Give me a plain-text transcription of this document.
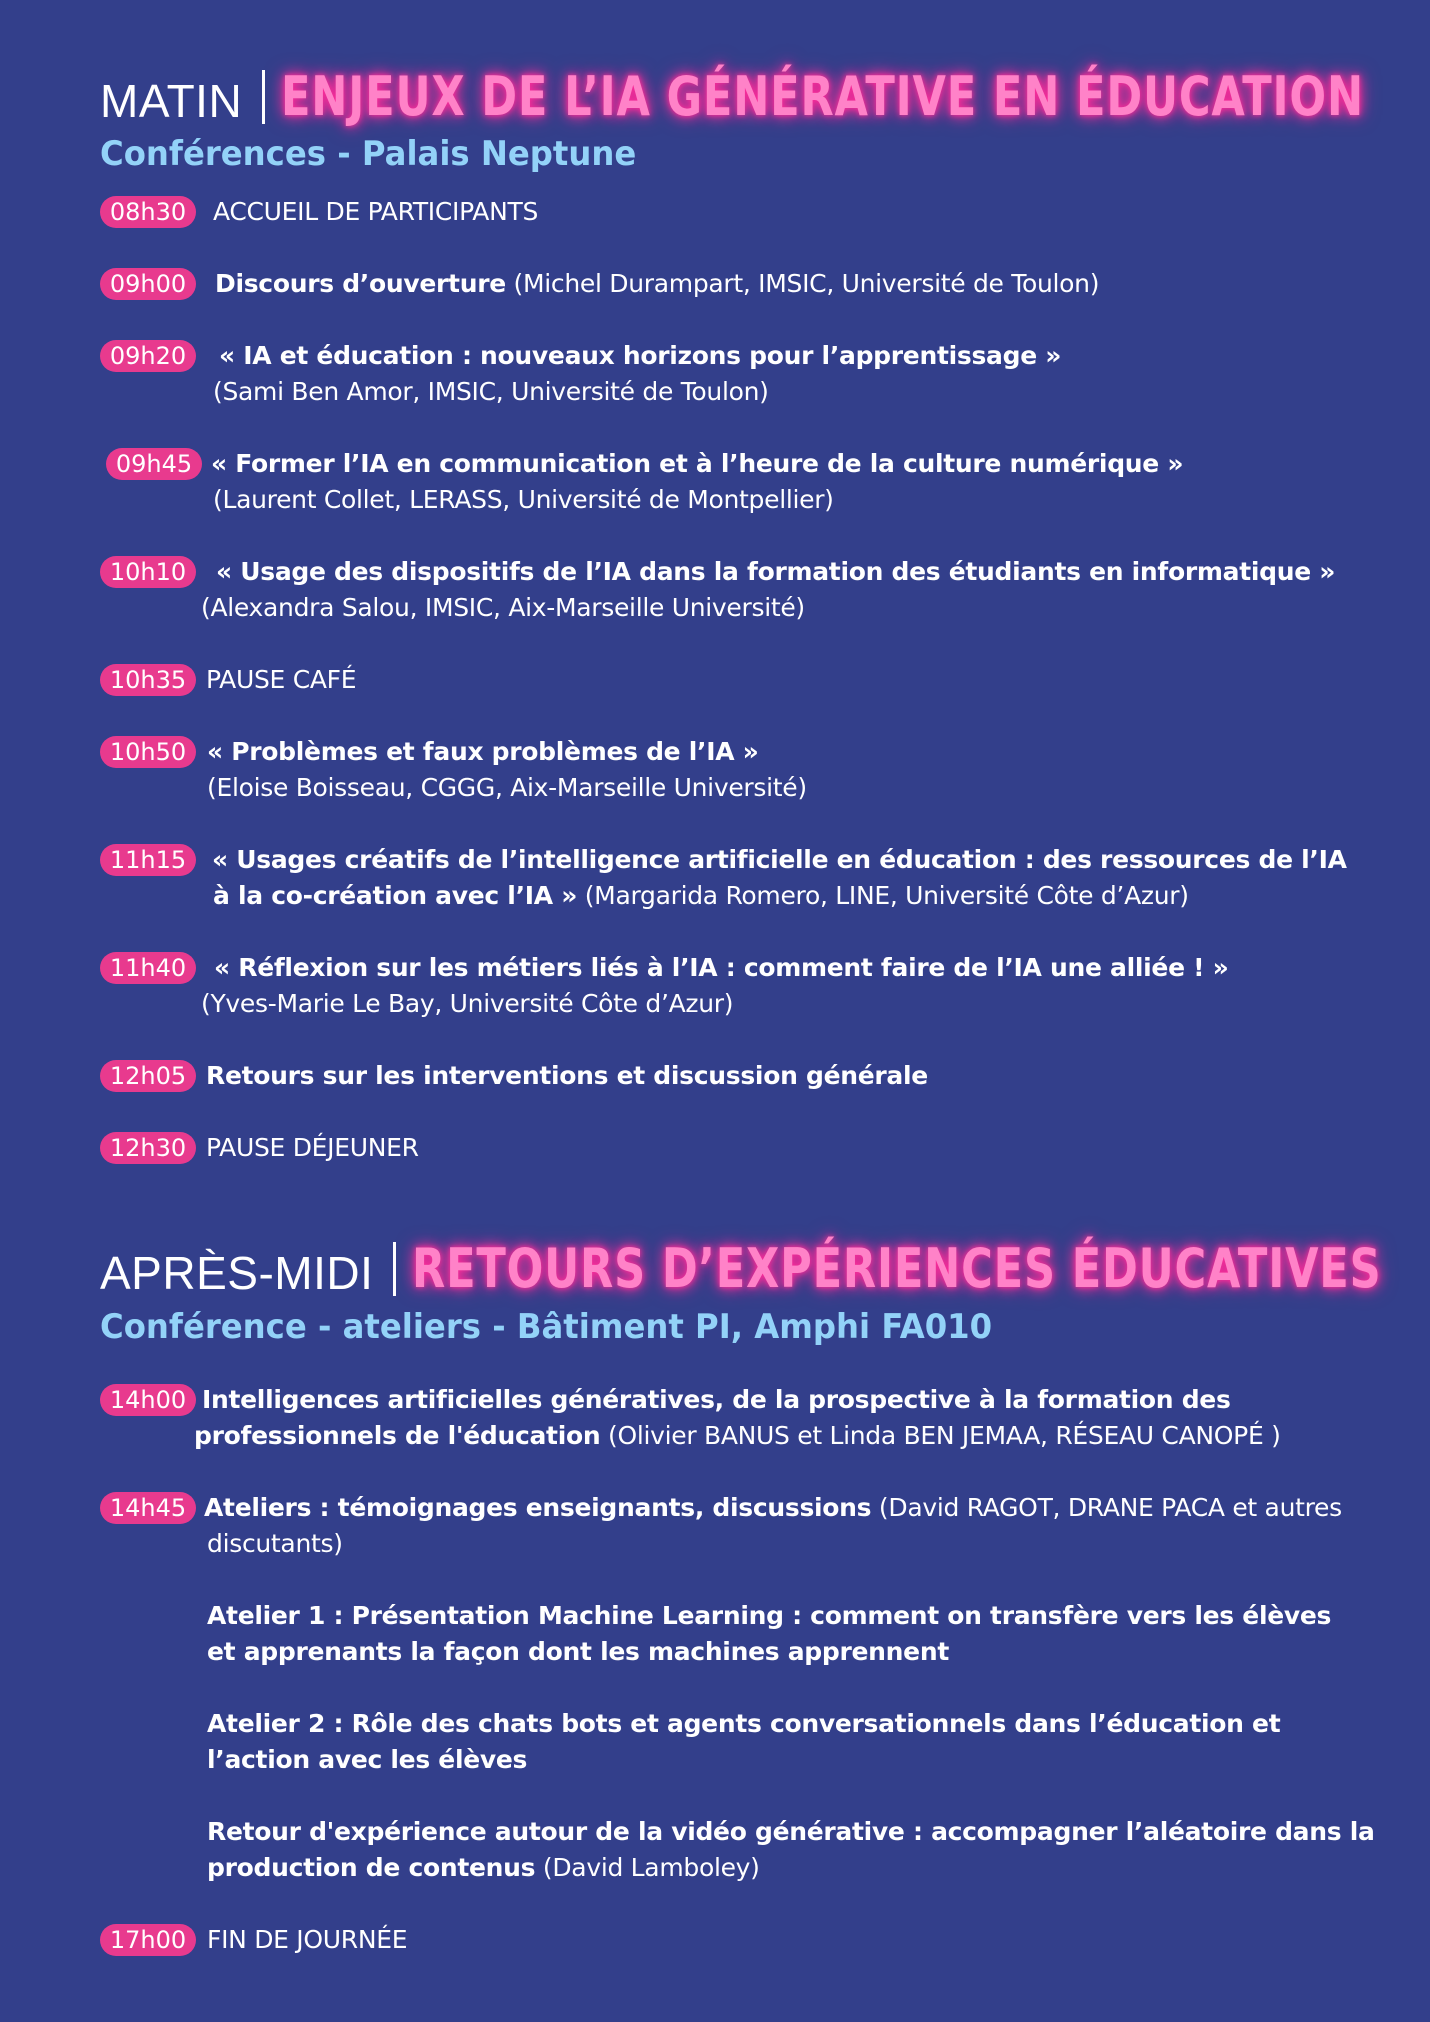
MATIN ENJEUX DE L’IA GÉNÉRATIVE EN ÉDUCATION
Conférences - Palais Neptune
08h30	ACCUEIL DE PARTICIPANTS
09h00	Discours d’ouverture (Michel Durampart, IMSIC, Université de Toulon)
09h20	« IA et éducation : nouveaux horizons pour l’apprentissage »
(Sami Ben Amor, IMSIC, Université de Toulon)
09h45 « Former l’IA en communication et à l’heure de la culture numérique »
(Laurent Collet, LERASS, Université de Montpellier)
10h10	« Usage des dispositifs de l’IA dans la formation des étudiants en informatique »
(Alexandra Salou, IMSIC, Aix-Marseille Université)
10h35 PAUSE CAFÉ
10h50 « Problèmes et faux problèmes de l’IA »
(Eloise Boisseau, CGGG, Aix-Marseille Université)
11h15	« Usages créatifs de l’intelligence artificielle en éducation : des ressources de l’IA
à la co-création avec l’IA » (Margarida Romero, LINE, Université Côte d’Azur)
11h40	« Réflexion sur les métiers liés à l’IA : comment faire de l’IA une alliée ! »
(Yves-Marie Le Bay, Université Côte d’Azur)
12h05 Retours sur les interventions et discussion générale
12h30 PAUSE DÉJEUNER
APRÈS-MIDI RETOURS D’EXPÉRIENCES ÉDUCATIVES
Conférence - ateliers - Bâtiment PI, Amphi FA010
14h00 Intelligences artificielles génératives, de la prospective à la formation des
professionnels de l'éducation (Olivier BANUS et Linda BEN JEMAA, RÉSEAU CANOPÉ )
14h45 Ateliers : témoignages enseignants, discussions (David RAGOT, DRANE PACA et autres
discutants)
Atelier 1 : Présentation Machine Learning : comment on transfère vers les élèves
et apprenants la façon dont les machines apprennent
Atelier 2 : Rôle des chats bots et agents conversationnels dans l’éducation et
l’action avec les élèves
Retour d'expérience autour de la vidéo générative : accompagner l’aléatoire dans la
production de contenus (David Lamboley)
17h00 FIN DE JOURNÉE
